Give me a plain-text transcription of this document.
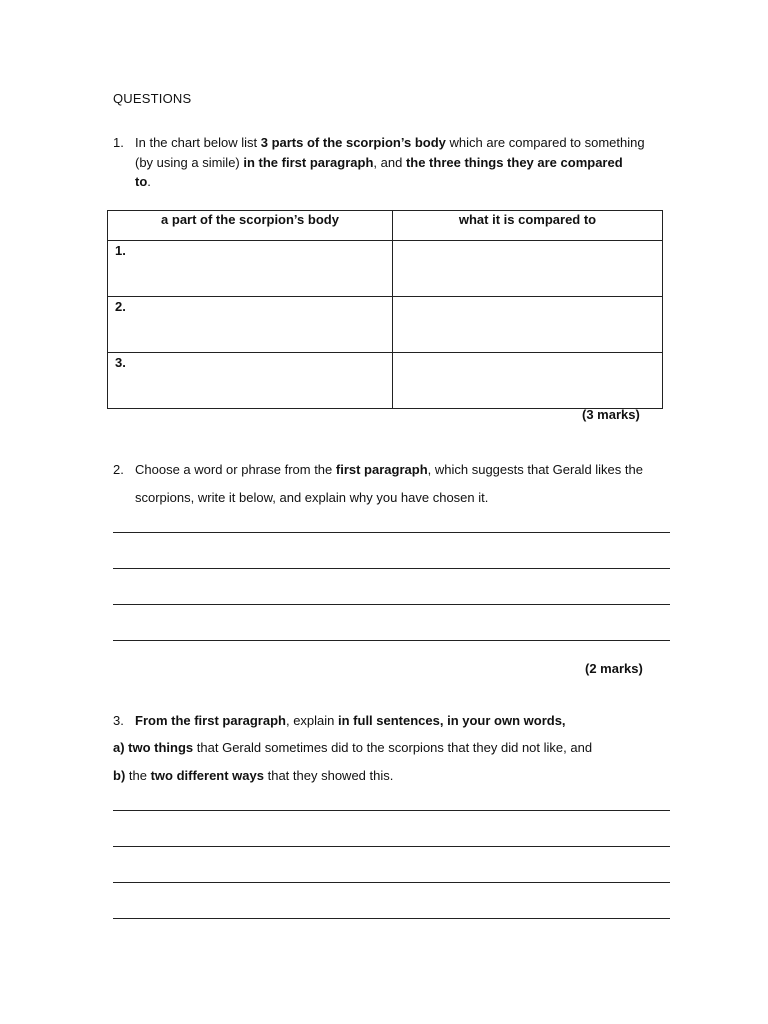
QUESTIONS
1. In the chart below list 3 parts of the scorpion’s body which are compared to something
(by using a simile) in the first paragraph, and the three things they are compared
to.
a part of the scorpion’s body	what it is compared to
1.	
2.	
3.	
(3 marks)
2. Choose a word or phrase from the first paragraph, which suggests that Gerald likes the
scorpions, write it below, and explain why you have chosen it.
(2 marks)
3. From the first paragraph, explain in full sentences, in your own words,
a) two things that Gerald sometimes did to the scorpions that they did not like, and
b) the two different ways that they showed this.
